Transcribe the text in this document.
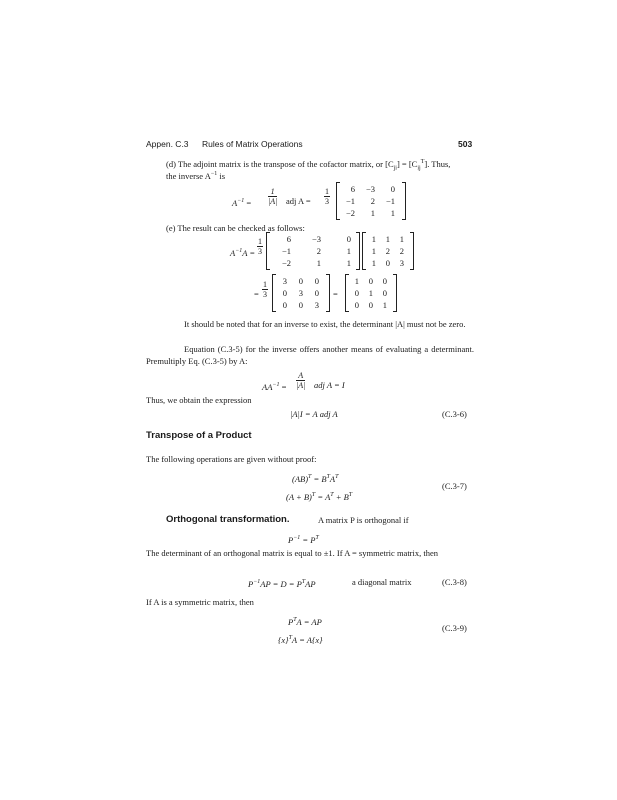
Appen. C.3 Rules of Matrix Operations	503
(d) The adjoint matrix is the transpose of the cofactor matrix, or $[C_{ji}] = [C_{ij}^T]$. Thus,
the inverse $A^{-1}$ is
$A^{-1} = \frac{1}{|A|}$ adj $A = \frac{1}{3}$	6	−3	0
−1	2	−1
−2	1	1
(e) The result can be checked as follows:
$A^{-1}A = \frac{1}{3}$	6	−3	0
−1	2	1
−2	1	1
1	1	1
1	2	2
1	0	3
= $\frac{1}{3}$	3	0	0
0	3	0
0	0	3
=
1	0	0
0	1	0
0	0	1
It should be noted that for an inverse to exist, the determinant |A| must not be zero.
Equation (C.3-5) for the inverse offers another means of evaluating a determinant. Premultiply Eq. (C.3-5) by A:
$AA^{-1} = \frac{A}{|A|}$ adj A = I
Thus, we obtain the expression
|A|I = A adj A	(C.3-6)
Transpose of a Product
The following operations are given without proof:
$(AB)^T = B^TA^T$
$(A + B)^T = A^T + B^T$
(C.3-7)
Orthogonal transformation.	A matrix P is orthogonal if
$P^{-1} = P^T$
The determinant of an orthogonal matrix is equal to ±1. If A = symmetric matrix, then
$P^{-1}AP = D = P^TAP$	a diagonal matrix	(C.3-8)
If A is a symmetric matrix, then
$P^TA$ = AP
$\{x\}^TA = A\{x\}$
(C.3-9)
